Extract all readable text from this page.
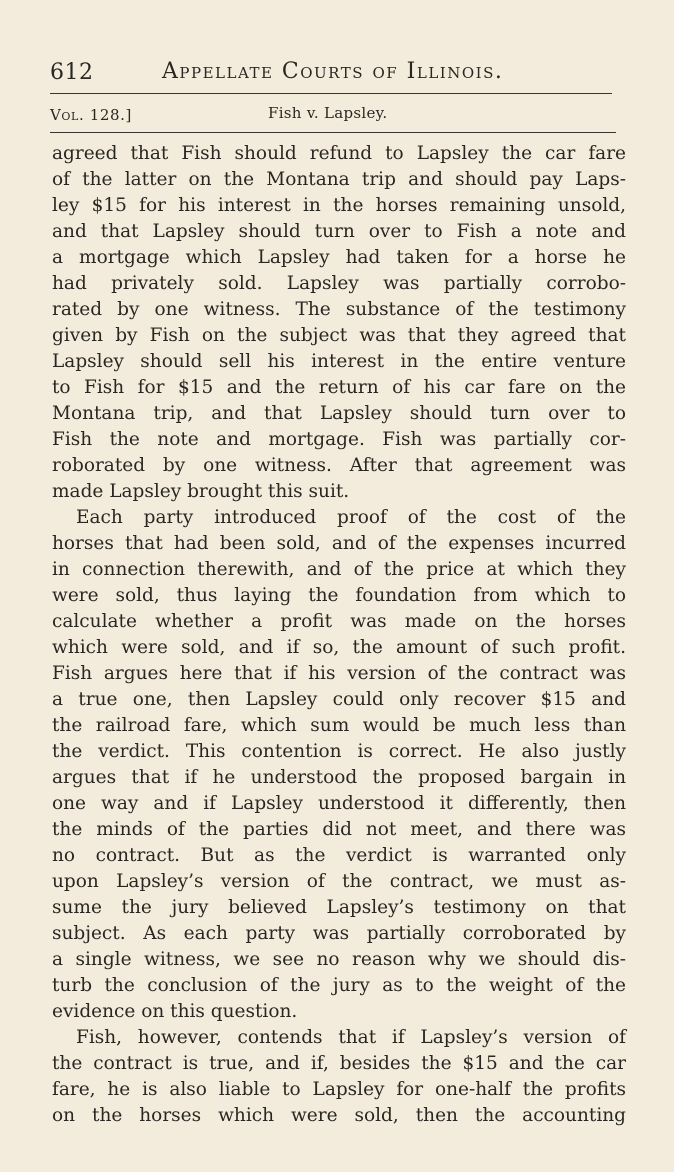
612	Appellate Courts of Illinois.
Vol. 128.]	Fish v. Lapsley.
agreed that Fish should refund to Lapsley the car fare
of the latter on the Montana trip and should pay Laps-
ley $15 for his interest in the horses remaining unsold,
and that Lapsley should turn over to Fish a note and
a mortgage which Lapsley had taken for a horse he
had privately sold. Lapsley was partially corrobo-
rated by one witness. The substance of the testimony
given by Fish on the subject was that they agreed that
Lapsley should sell his interest in the entire venture
to Fish for $15 and the return of his car fare on the
Montana trip, and that Lapsley should turn over to
Fish the note and mortgage. Fish was partially cor-
roborated by one witness. After that agreement was
made Lapsley brought this suit.
Each party introduced proof of the cost of the
horses that had been sold, and of the expenses incurred
in connection therewith, and of the price at which they
were sold, thus laying the foundation from which to
calculate whether a profit was made on the horses
which were sold, and if so, the amount of such profit.
Fish argues here that if his version of the contract was
a true one, then Lapsley could only recover $15 and
the railroad fare, which sum would be much less than
the verdict. This contention is correct. He also justly
argues that if he understood the proposed bargain in
one way and if Lapsley understood it differently, then
the minds of the parties did not meet, and there was
no contract. But as the verdict is warranted only
upon Lapsley’s version of the contract, we must as-
sume the jury believed Lapsley’s testimony on that
subject. As each party was partially corroborated by
a single witness, we see no reason why we should dis-
turb the conclusion of the jury as to the weight of the
evidence on this question.
Fish, however, contends that if Lapsley’s version of
the contract is true, and if, besides the $15 and the car
fare, he is also liable to Lapsley for one-half the profits
on the horses which were sold, then the accounting
